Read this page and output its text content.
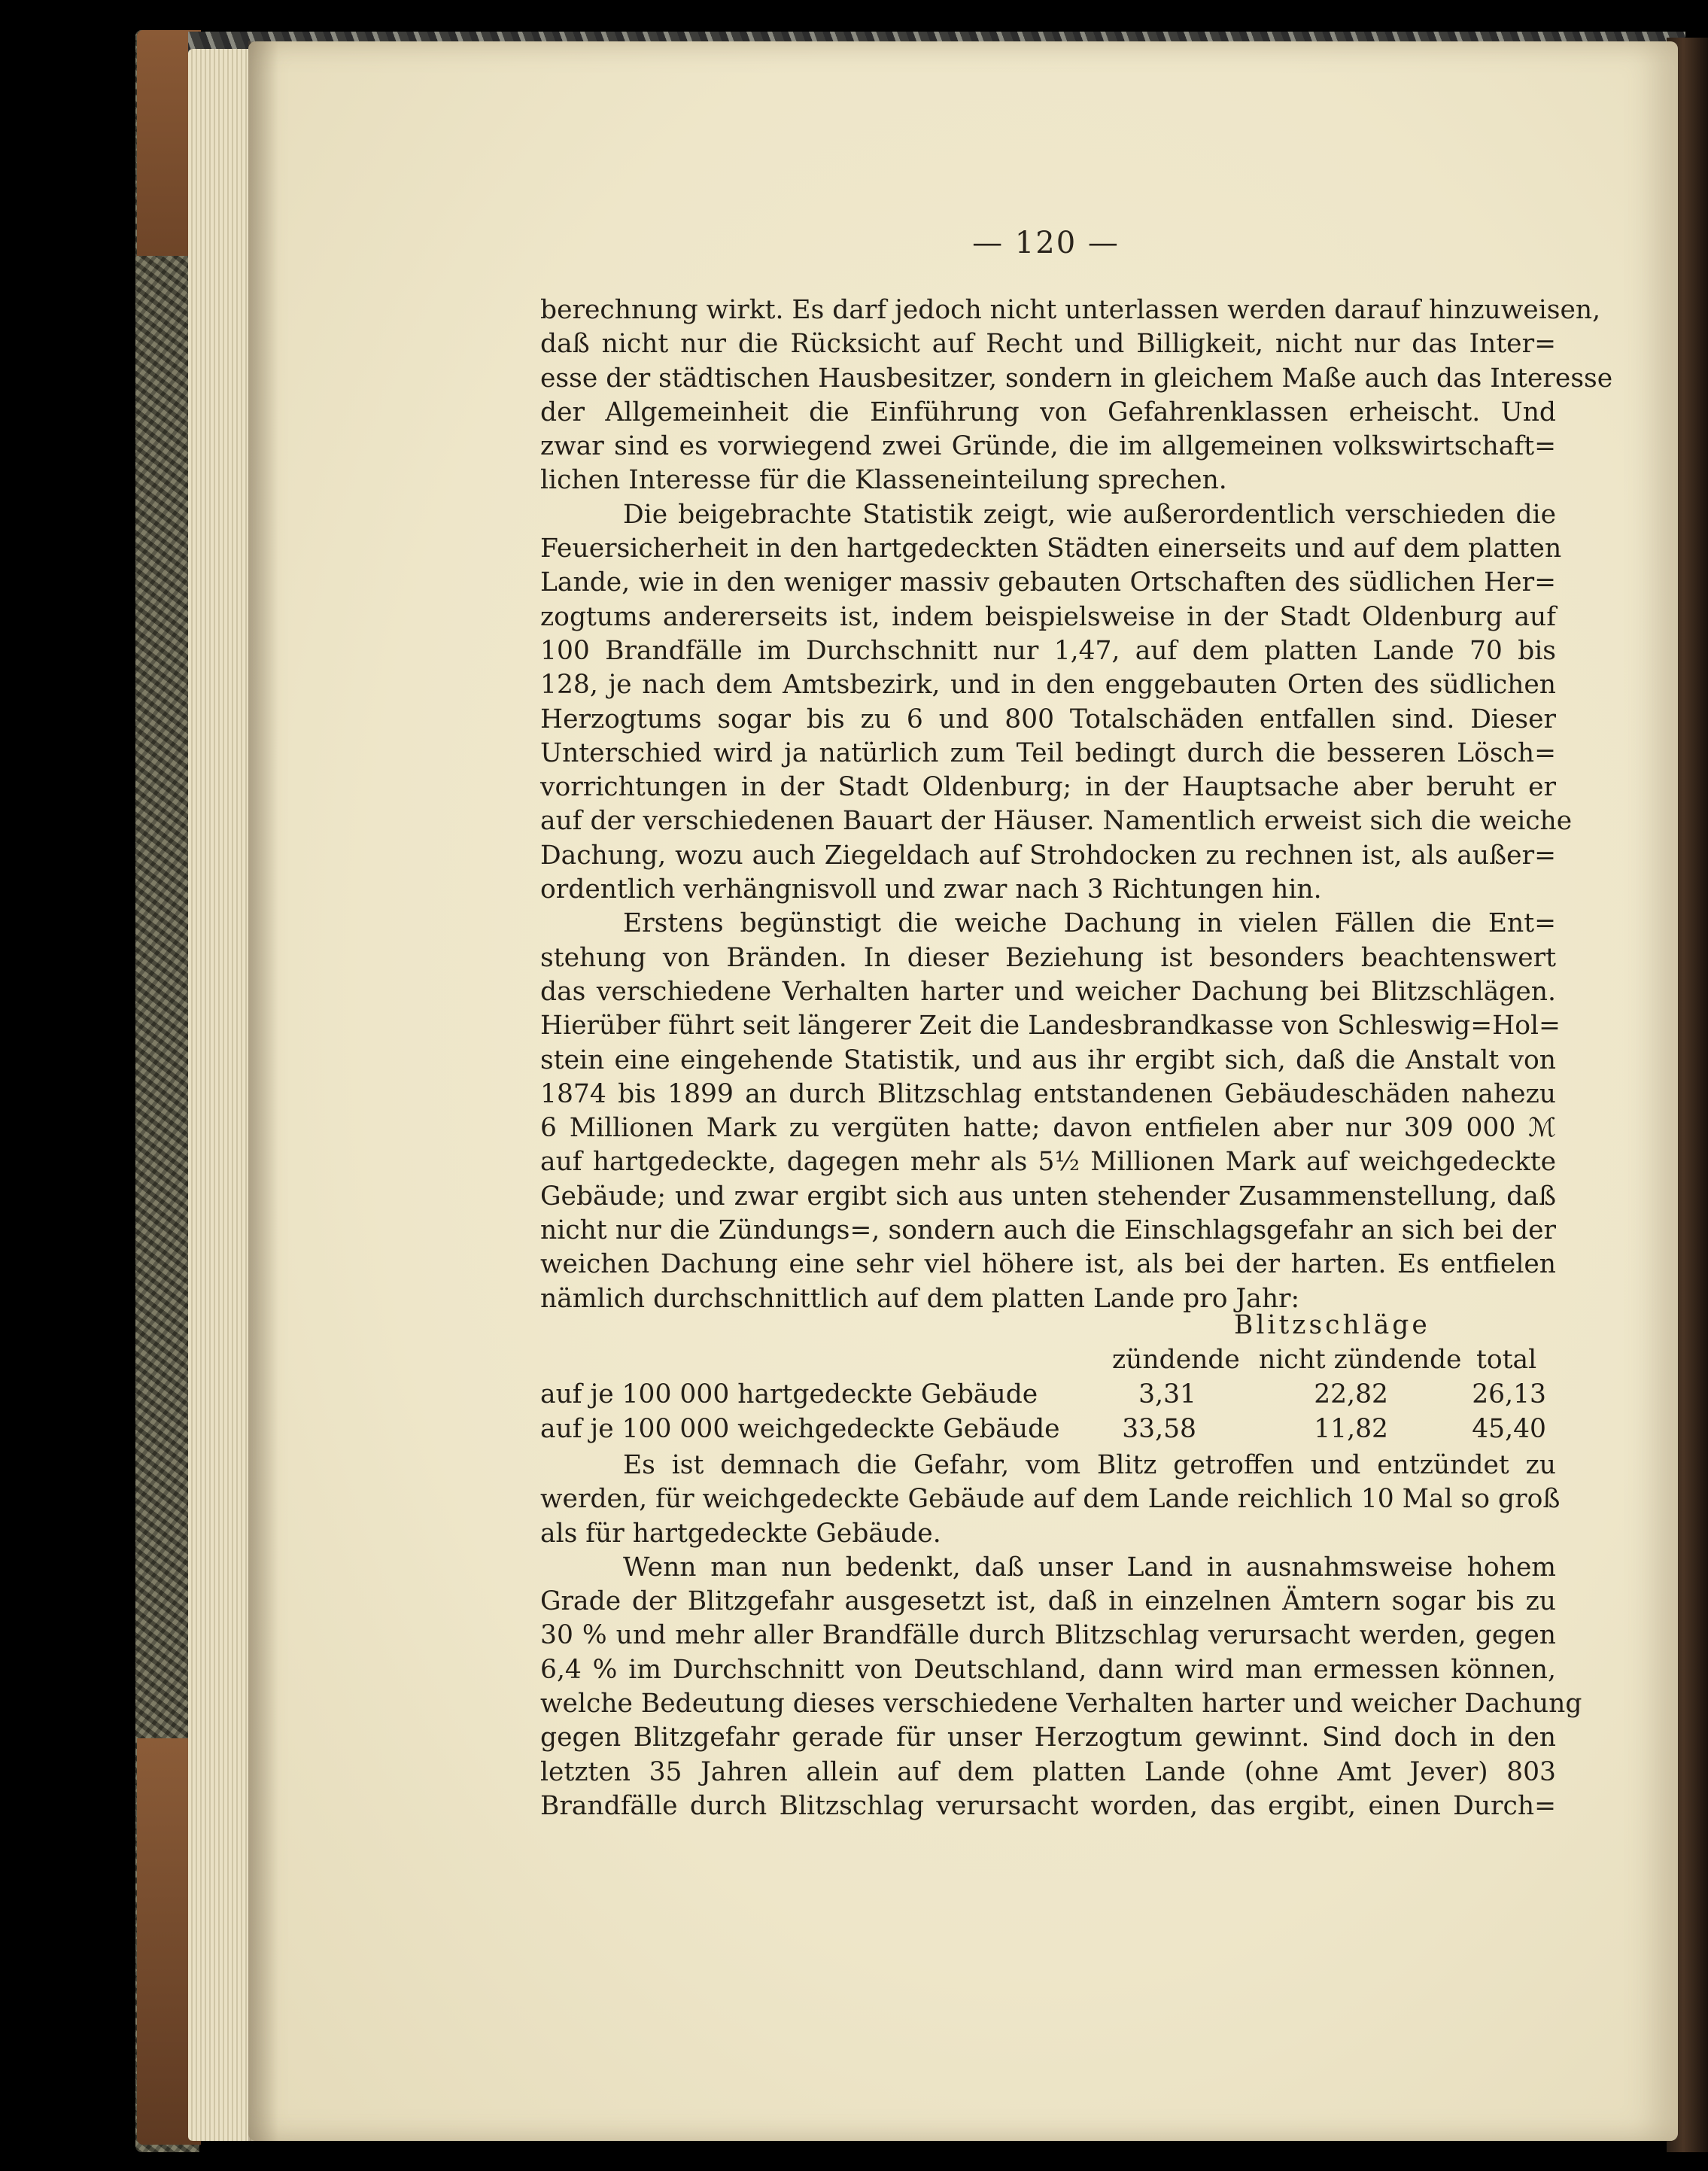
— 120 —
berechnung wirkt. Es darf jedoch nicht unterlassen werden darauf hinzuweisen,
daß nicht nur die Rücksicht auf Recht und Billigkeit, nicht nur das Inter=
esse der städtischen Hausbesitzer, sondern in gleichem Maße auch das Interesse
der Allgemeinheit die Einführung von Gefahrenklassen erheischt. Und
zwar sind es vorwiegend zwei Gründe, die im allgemeinen volkswirtschaft=
lichen Interesse für die Klasseneinteilung sprechen.
Die beigebrachte Statistik zeigt, wie außerordentlich verschieden die
Feuersicherheit in den hartgedeckten Städten einerseits und auf dem platten
Lande, wie in den weniger massiv gebauten Ortschaften des südlichen Her=
zogtums andererseits ist, indem beispielsweise in der Stadt Oldenburg auf
100 Brandfälle im Durchschnitt nur 1,47, auf dem platten Lande 70 bis
128, je nach dem Amtsbezirk, und in den enggebauten Orten des südlichen
Herzogtums sogar bis zu 6 und 800 Totalschäden entfallen sind. Dieser
Unterschied wird ja natürlich zum Teil bedingt durch die besseren Lösch=
vorrichtungen in der Stadt Oldenburg; in der Hauptsache aber beruht er
auf der verschiedenen Bauart der Häuser. Namentlich erweist sich die weiche
Dachung, wozu auch Ziegeldach auf Strohdocken zu rechnen ist, als außer=
ordentlich verhängnisvoll und zwar nach 3 Richtungen hin.
Erstens begünstigt die weiche Dachung in vielen Fällen die Ent=
stehung von Bränden. In dieser Beziehung ist besonders beachtenswert
das verschiedene Verhalten harter und weicher Dachung bei Blitzschlägen.
Hierüber führt seit längerer Zeit die Landesbrandkasse von Schleswig=Hol=
stein eine eingehende Statistik, und aus ihr ergibt sich, daß die Anstalt von
1874 bis 1899 an durch Blitzschlag entstandenen Gebäudeschäden nahezu
6 Millionen Mark zu vergüten hatte; davon entfielen aber nur 309 000 ℳ
auf hartgedeckte, dagegen mehr als 5½ Millionen Mark auf weichgedeckte
Gebäude; und zwar ergibt sich aus unten stehender Zusammenstellung, daß
nicht nur die Zündungs=, sondern auch die Einschlagsgefahr an sich bei der
weichen Dachung eine sehr viel höhere ist, als bei der harten. Es entfielen
nämlich durchschnittlich auf dem platten Lande pro Jahr:
Blitzschläge
zündende nicht zündende total
auf je 100 000 hartgedeckte Gebäude	3,31	22,82	26,13
auf je 100 000 weichgedeckte Gebäude	33,58	11,82	45,40
Es ist demnach die Gefahr, vom Blitz getroffen und entzündet zu
werden, für weichgedeckte Gebäude auf dem Lande reichlich 10 Mal so groß
als für hartgedeckte Gebäude.
Wenn man nun bedenkt, daß unser Land in ausnahmsweise hohem
Grade der Blitzgefahr ausgesetzt ist, daß in einzelnen Ämtern sogar bis zu
30 % und mehr aller Brandfälle durch Blitzschlag verursacht werden, gegen
6,4 % im Durchschnitt von Deutschland, dann wird man ermessen können,
welche Bedeutung dieses verschiedene Verhalten harter und weicher Dachung
gegen Blitzgefahr gerade für unser Herzogtum gewinnt. Sind doch in den
letzten 35 Jahren allein auf dem platten Lande (ohne Amt Jever) 803
Brandfälle durch Blitzschlag verursacht worden, das ergibt, einen Durch=
